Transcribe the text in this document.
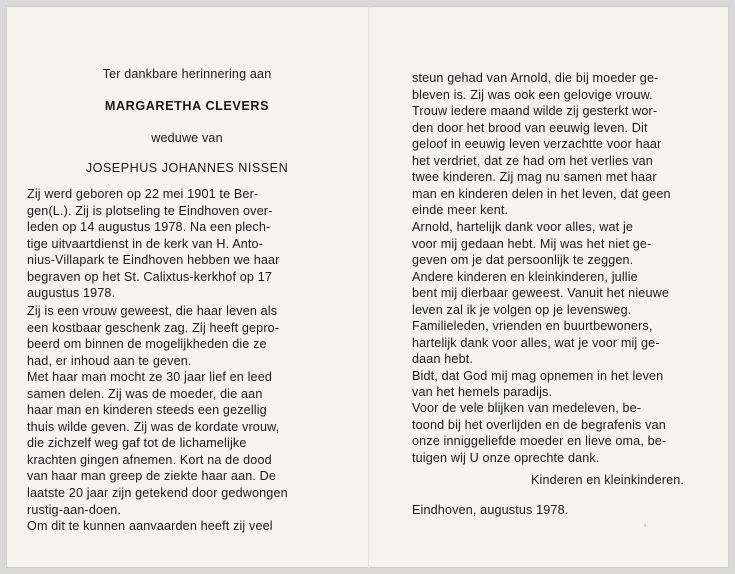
Ter dankbare herinnering aan
MARGARETHA CLEVERS
weduwe van
JOSEPHUS JOHANNES NISSEN
Zij werd geboren op 22 mei 1901 te Ber-
gen(L.). Zij is plotseling te Eindhoven over-
leden op 14 augustus 1978. Na een plech-
tige uitvaartdienst in de kerk van H. Anto-
nius-Villapark te Eindhoven hebben we haar
begraven op het St. Calixtus-kerkhof op 17
augustus 1978.
Zij is een vrouw geweest, die haar leven als
een kostbaar geschenk zag. Zij heeft gepro-
beerd om binnen de mogelijkheden die ze
had, er inhoud aan te geven.
Met haar man mocht ze 30 jaar lief en leed
samen delen. Zij was de moeder, die aan
haar man en kinderen steeds een gezellig
thuis wilde geven. Zij was de kordate vrouw,
die zichzelf weg gaf tot de lichamelijke
krachten gingen afnemen. Kort na de dood
van haar man greep de ziekte haar aan. De
laatste 20 jaar zijn getekend door gedwongen
rustig-aan-doen.
Om dit te kunnen aanvaarden heeft zij veel
steun gehad van Arnold, die bij moeder ge-
bleven is. Zij was ook een gelovige vrouw.
Trouw iedere maand wilde zij gesterkt wor-
den door het brood van eeuwig leven. Dit
geloof in eeuwig leven verzachtte voor haar
het verdriet, dat ze had om het verlies van
twee kinderen. Zij mag nu samen met haar
man en kinderen delen in het leven, dat geen
einde meer kent.
Arnold, hartelijk dank voor alles, wat je
voor mij gedaan hebt. Mij was het niet ge-
geven om je dat persoonlijk te zeggen.
Andere kinderen en kleinkinderen, jullie
bent mij dierbaar geweest. Vanuit het nieuwe
leven zal ik je volgen op je levensweg.
Familieleden, vrienden en buurtbewoners,
hartelijk dank voor alles, wat je voor mij ge-
daan hebt.
Bidt, dat God mij mag opnemen in het leven
van het hemels paradijs.
Voor de vele blijken van medeleven, be-
toond bij het overlijden en de begrafenis van
onze inniggeliefde moeder en lieve oma, be-
tuigen wij U onze oprechte dank.
Kinderen en kleinkinderen.
Eindhoven, augustus 1978.
’
